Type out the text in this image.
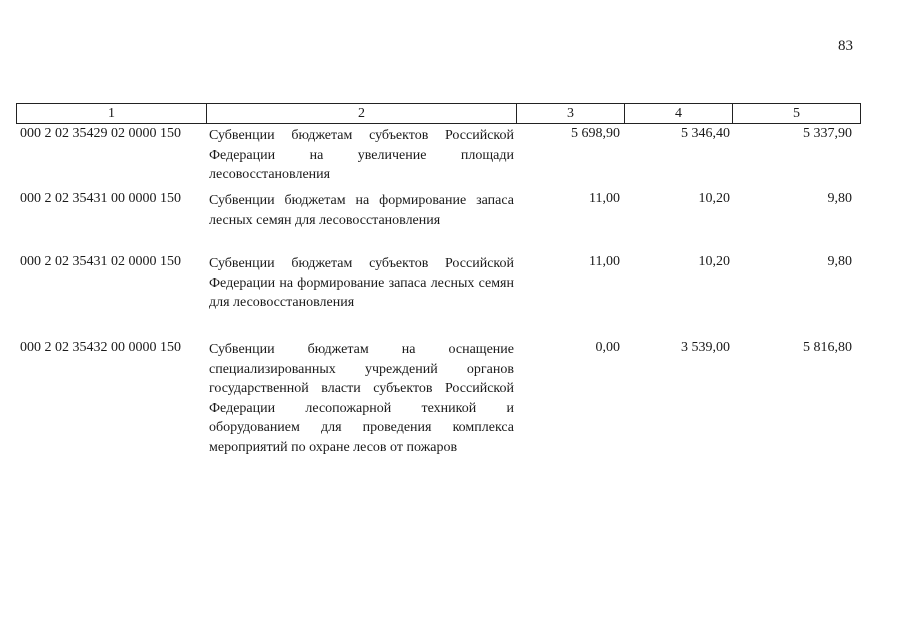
83
1	2	3	4	5
000 2 02 35429 02 0000 150 Субвенции бюджетам субъектов Российской Федерации на увеличение площади лесовосстановления
5 698,90	5 346,40	5 337,90
000 2 02 35431 00 0000 150 Субвенции бюджетам на формирование запаса лесных семян для лесовосстановления
11,00	10,20	9,80
000 2 02 35431 02 0000 150 Субвенции бюджетам субъектов Российской Федерации на формирование запаса лесных семян для лесовосстановления
11,00	10,20	9,80
000 2 02 35432 00 0000 150 Субвенции бюджетам на оснащение специализированных учреждений органов государственной власти субъектов Российской Федерации лесопожарной техникой и оборудованием для проведения комплекса мероприятий по охране лесов от пожаров
0,00	3 539,00	5 816,80
